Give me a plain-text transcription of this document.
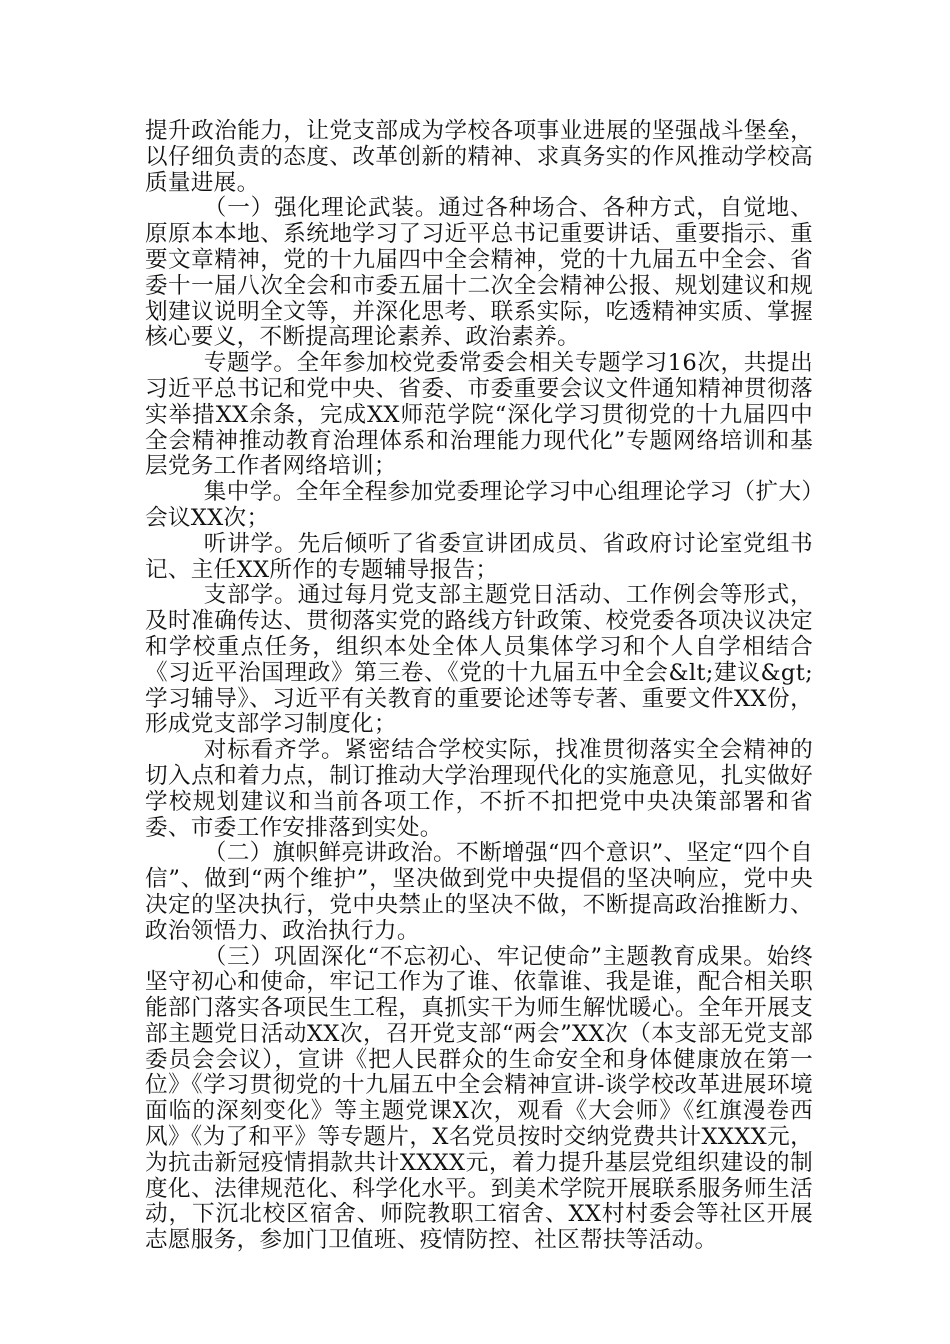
提升政治能力，让党支部成为学校各项事业进展的坚强战斗堡垒，以仔细负责的态度、改革创新的精神、求真务实的作风推动学校高质量进展。

（一）强化理论武装。通过各种场合、各种方式，自觉地、原原本本地、系统地学习了习近平总书记重要讲话、重要指示、重要文章精神，党的十九届四中全会精神，党的十九届五中全会、省委十一届八次全会和市委五届十二次全会精神公报、规划建议和规划建议说明全文等，并深化思考、联系实际，吃透精神实质、掌握核心要义，不断提高理论素养、政治素养。

专题学。全年参加校党委常委会相关专题学习16次，共提出习近平总书记和党中央、省委、市委重要会议文件通知精神贯彻落实举措XX余条，完成XX师范学院“深化学习贯彻党的十九届四中全会精神推动教育治理体系和治理能力现代化”专题网络培训和基层党务工作者网络培训；

集中学。全年全程参加党委理论学习中心组理论学习（扩大）会议XX次；

听讲学。先后倾听了省委宣讲团成员、省政府讨论室党组书记、主任XX所作的专题辅导报告；

支部学。通过每月党支部主题党日活动、工作例会等形式，及时准确传达、贯彻落实党的路线方针政策、校党委各项决议决定和学校重点任务，组织本处全体人员集体学习和个人自学相结合《习近平治国理政》第三卷、《党的十九届五中全会&lt;建议&gt;学习辅导》、习近平有关教育的重要论述等专著、重要文件XX份，形成党支部学习制度化；

对标看齐学。紧密结合学校实际，找准贯彻落实全会精神的切入点和着力点，制订推动大学治理现代化的实施意见，扎实做好学校规划建议和当前各项工作，不折不扣把党中央决策部署和省委、市委工作安排落到实处。

（二）旗帜鲜亮讲政治。不断增强“四个意识”、坚定“四个自信”、做到“两个维护”，坚决做到党中央提倡的坚决响应，党中央决定的坚决执行，党中央禁止的坚决不做，不断提高政治推断力、政治领悟力、政治执行力。

（三）巩固深化“不忘初心、牢记使命”主题教育成果。始终坚守初心和使命，牢记工作为了谁、依靠谁、我是谁，配合相关职能部门落实各项民生工程，真抓实干为师生解忧暖心。全年开展支部主题党日活动XX次，召开党支部“两会”XX次（本支部无党支部委员会会议），宣讲《把人民群众的生命安全和身体健康放在第一位》《学习贯彻党的十九届五中全会精神宣讲-谈学校改革进展环境面临的深刻变化》等主题党课X次，观看《大会师》《红旗漫卷西风》《为了和平》等专题片，X名党员按时交纳党费共计XXXX元，为抗击新冠疫情捐款共计XXXX元，着力提升基层党组织建设的制度化、法律规范化、科学化水平。到美术学院开展联系服务师生活动，下沉北校区宿舍、师院教职工宿舍、XX村村委会等社区开展志愿服务，参加门卫值班、疫情防控、社区帮扶等活动。
